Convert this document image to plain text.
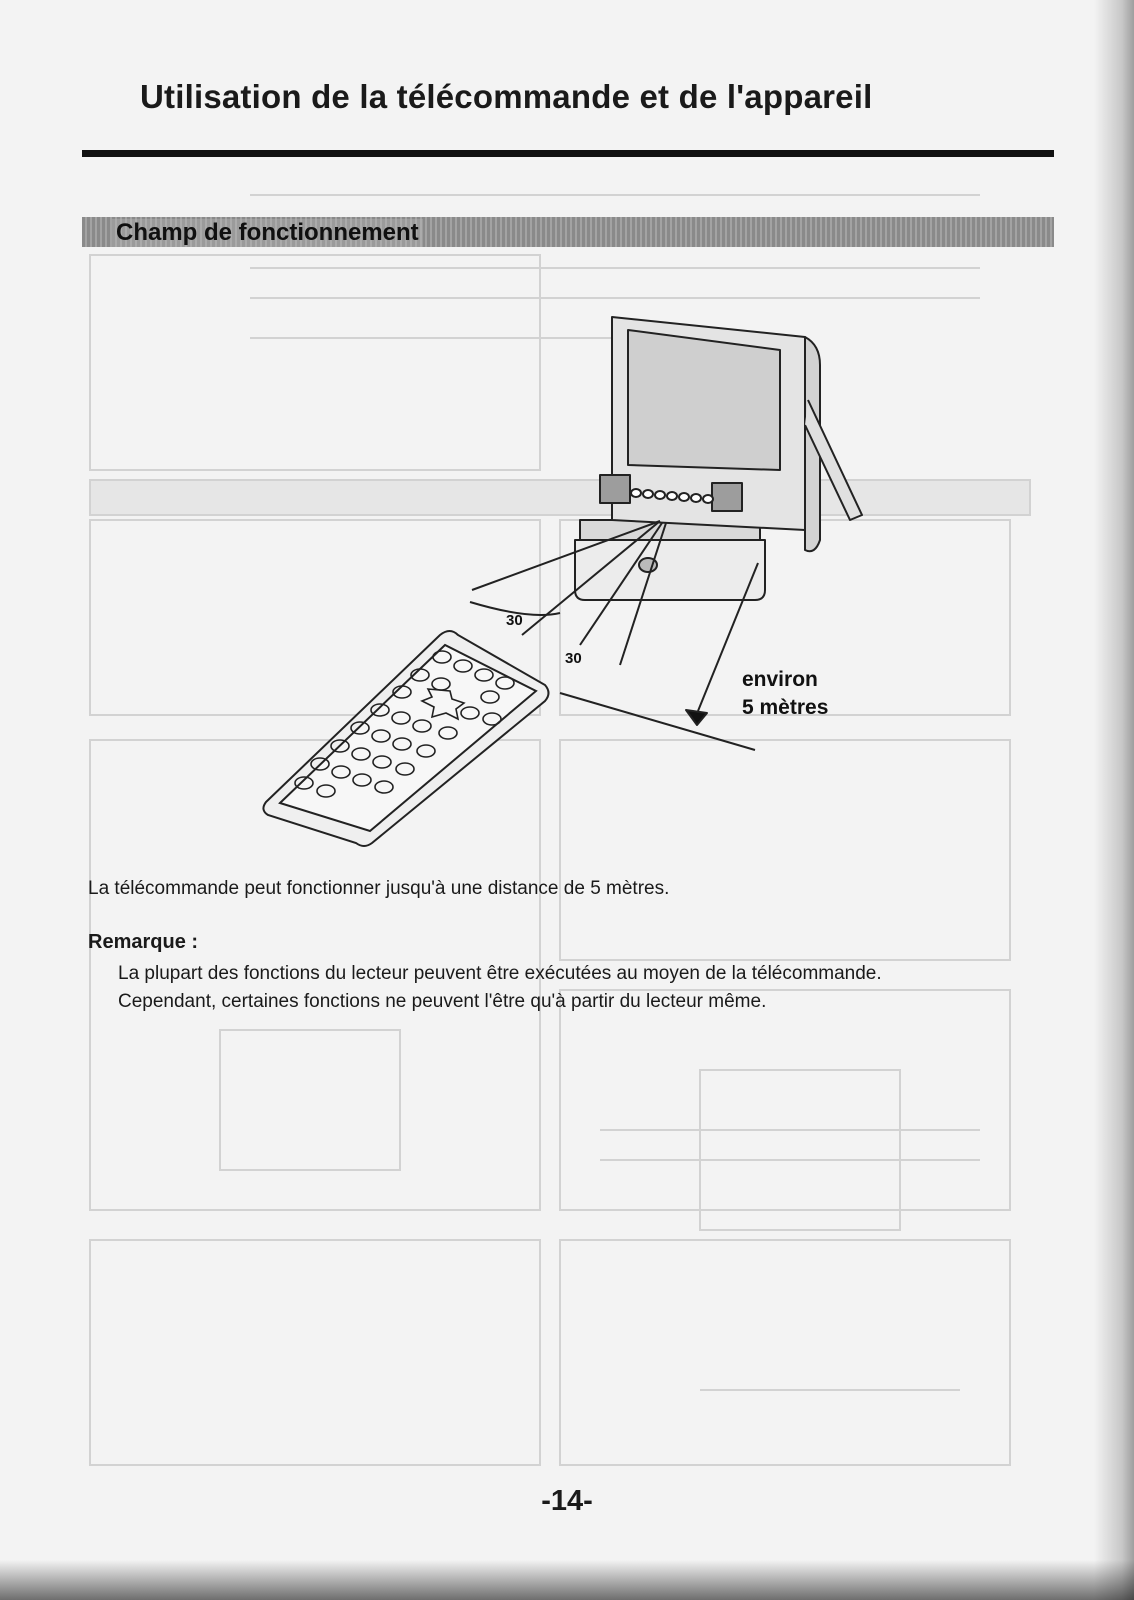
Utilisation de la télécommande et de l'appareil
Champ de fonctionnement
30
30
environ
5 mètres
La télécommande peut fonctionner jusqu'à une distance de 5 mètres.
Remarque :
La plupart des fonctions du lecteur peuvent être exécutées au moyen de la télécommande. Cependant, certaines fonctions ne peuvent l'être qu'à partir du lecteur même.
-14-
